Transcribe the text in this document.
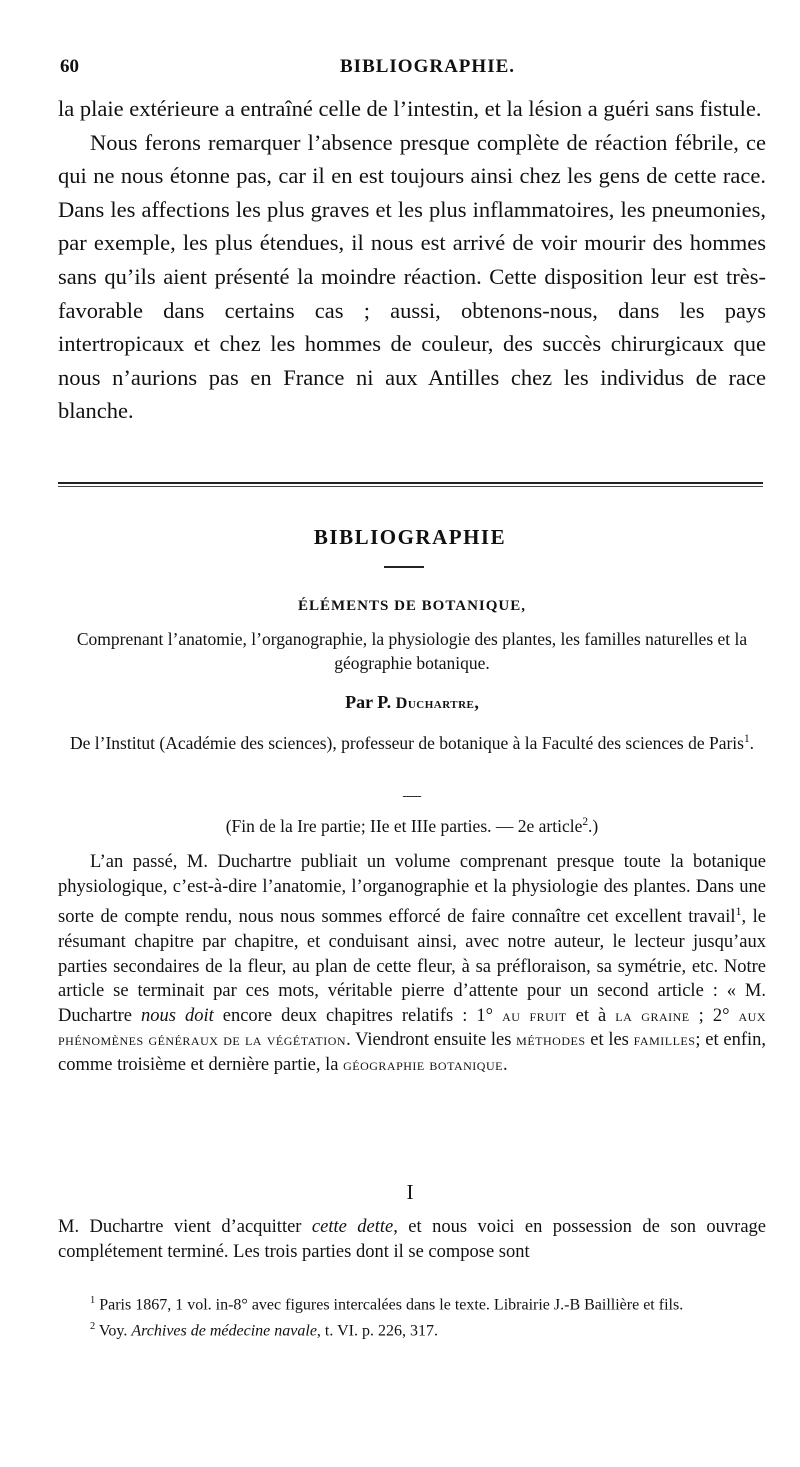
60	BIBLIOGRAPHIE.

la plaie extérieure a entraîné celle de l’intestin, et la lésion a guéri sans fistule.

Nous ferons remarquer l’absence presque complète de réaction fébrile, ce qui ne nous étonne pas, car il en est toujours ainsi chez les gens de cette race. Dans les affections les plus graves et les plus inflammatoires, les pneumonies, par exemple, les plus étendues, il nous est arrivé de voir mourir des hommes sans qu’ils aient présenté la moindre réaction. Cette disposition leur est très-favorable dans certains cas ; aussi, obtenons-nous, dans les pays intertropicaux et chez les hommes de couleur, des succès chirurgicaux que nous n’aurions pas en France ni aux Antilles chez les individus de race blanche.

BIBLIOGRAPHIE
ÉLÉMENTS DE BOTANIQUE,
Comprenant l’anatomie, l’organographie, la physiologie des plantes, les familles naturelles et la géographie botanique.
Par P. Duchartre,
De l’Institut (Académie des sciences), professeur de botanique à la Faculté des sciences de Paris$^1$.
—
(Fin de la Ire partie; IIe et IIIe parties. — 2e article$^2$.)

L’an passé, M. Duchartre publiait un volume comprenant presque toute la botanique physiologique, c’est-à-dire l’anatomie, l’organographie et la physiologie des plantes. Dans une sorte de compte rendu, nous nous sommes efforcé de faire connaître cet excellent travail$^1$, le résumant chapitre par chapitre, et conduisant ainsi, avec notre auteur, le lecteur jusqu’aux parties secondaires de la fleur, au plan de cette fleur, à sa préfloraison, sa symétrie, etc. Notre article se terminait par ces mots, véritable pierre d’attente pour un second article : « M. Duchartre nous doit encore deux chapitres relatifs : 1° au fruit et à la graine ; 2° aux phénomènes généraux de la végétation. Viendront ensuite les méthodes et les familles; et enfin, comme troisième et dernière partie, la géographie botanique.

I

M. Duchartre vient d’acquitter cette dette, et nous voici en possession de son ouvrage complétement terminé. Les trois parties dont il se compose sont

$^1$ Paris 1867, 1 vol. in-8° avec figures intercalées dans le texte. Librairie J.-B Baillière et fils.

$^2$ Voy. Archives de médecine navale, t. VI. p. 226, 317.
